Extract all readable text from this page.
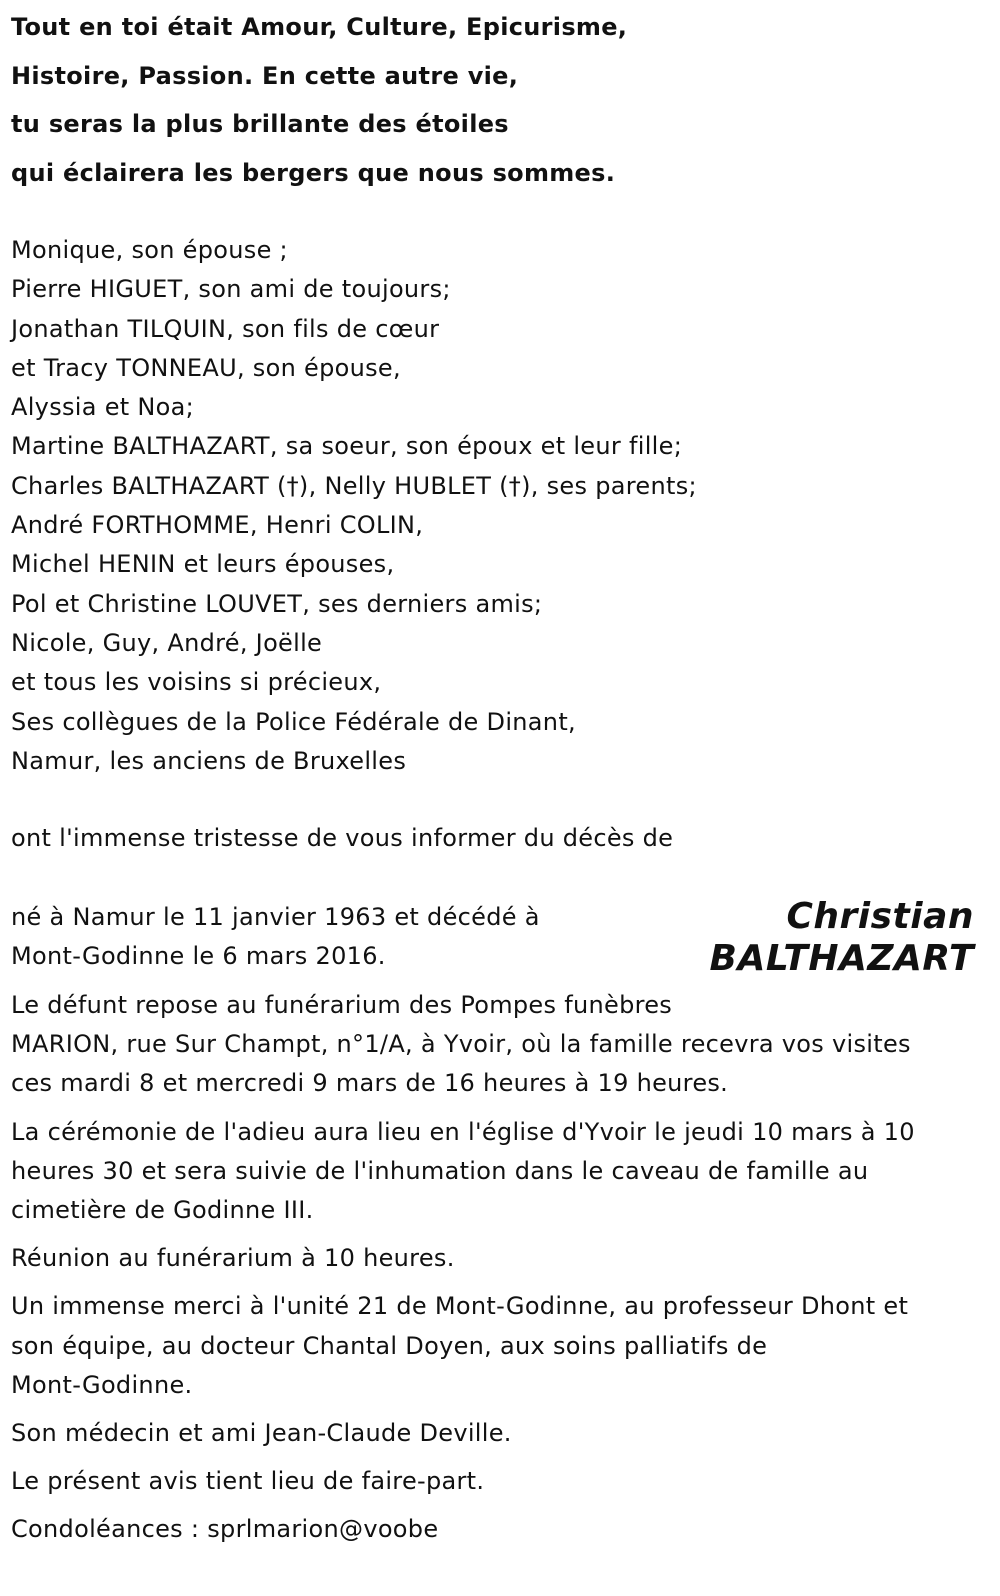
Tout en toi était Amour, Culture, Epicurisme,
Histoire, Passion. En cette autre vie,
tu seras la plus brillante des étoiles
qui éclairera les bergers que nous sommes.
Monique, son épouse ;
Pierre HIGUET, son ami de toujours;
Jonathan TILQUIN, son fils de cœur
et Tracy TONNEAU, son épouse,
Alyssia et Noa;
Martine BALTHAZART, sa soeur, son époux et leur fille;
Charles BALTHAZART (†), Nelly HUBLET (†), ses parents;
André FORTHOMME, Henri COLIN,
Michel HENIN et leurs épouses,
Pol et Christine LOUVET, ses derniers amis;
Nicole, Guy, André, Joëlle
et tous les voisins si précieux,
Ses collègues de la Police Fédérale de Dinant,
Namur, les anciens de Bruxelles
ont l'immense tristesse de vous informer du décès de
né à Namur le 11 janvier 1963 et décédé à
Mont-Godinne le 6 mars 2016.
Christian
BALTHAZART
Le défunt repose au funérarium des Pompes funèbres
MARION, rue Sur Champt, n°1/A, à Yvoir, où la famille recevra vos visites
ces mardi 8 et mercredi 9 mars de 16 heures à 19 heures.
La cérémonie de l'adieu aura lieu en l'église d'Yvoir le jeudi 10 mars à 10
heures 30 et sera suivie de l'inhumation dans le caveau de famille au
cimetière de Godinne III.
Réunion au funérarium à 10 heures.
Un immense merci à l'unité 21 de Mont-Godinne, au professeur Dhont et
son équipe, au docteur Chantal Doyen, aux soins palliatifs de
Mont-Godinne.
Son médecin et ami Jean-Claude Deville.
Le présent avis tient lieu de faire-part.
Condoléances : sprlmarion@voobe
